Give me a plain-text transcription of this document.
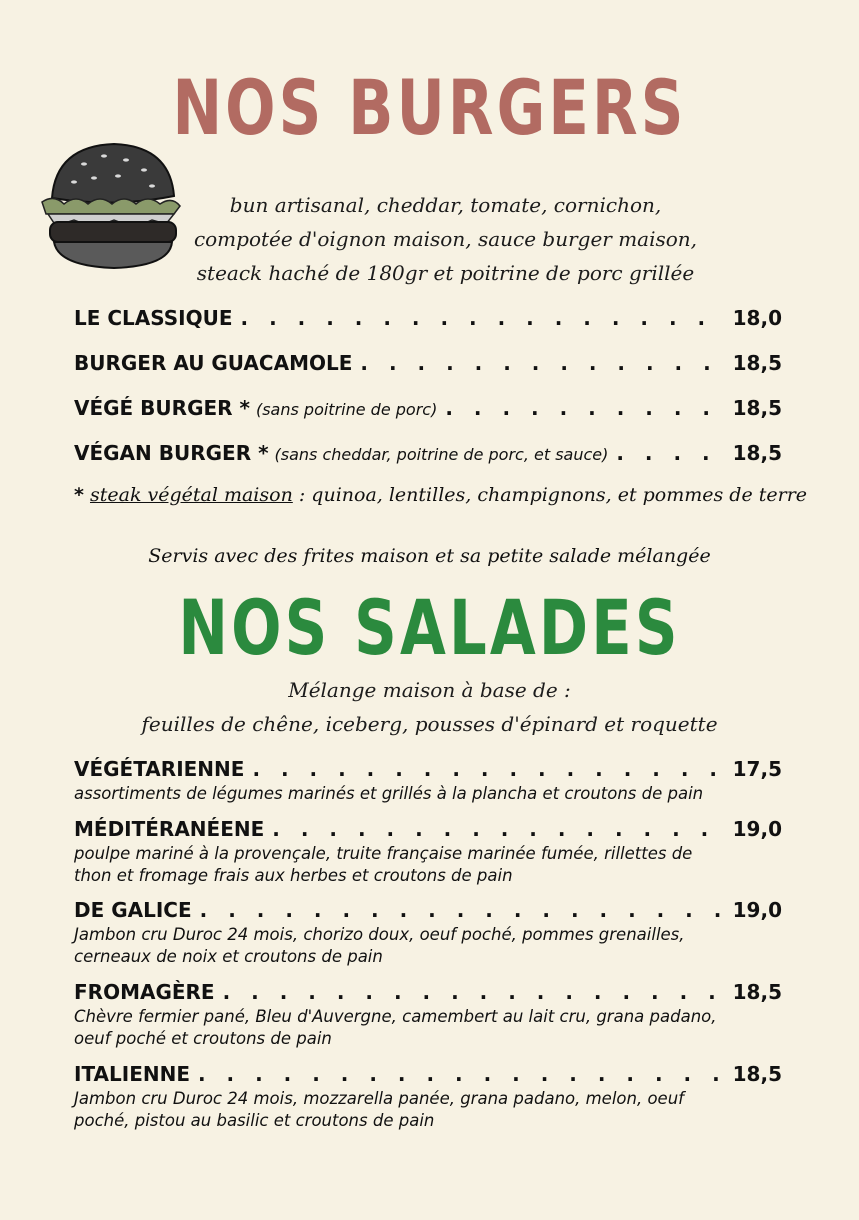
NOS BURGERS
bun artisanal, cheddar, tomate, cornichon,
compotée d'oignon maison, sauce burger maison,
steack haché de 180gr et poitrine de porc grillée
LE CLASSIQUE . . .	18,0
BURGER AU GUACAMOLE . . .	18,5
VÉGÉ BURGER * (sans poitrine de porc) . . .	18,5
VÉGAN BURGER * (sans cheddar, poitrine de porc, et sauce) . . .	18,5
* steak végétal maison : quinoa, lentilles, champignons, et pommes de terre
Servis avec des frites maison et sa petite salade mélangée
NOS SALADES
Mélange maison à base de :
feuilles de chêne, iceberg, pousses d'épinard et roquette
VÉGÉTARIENNE . . .	17,5
assortiments de légumes marinés et grillés à la plancha et croutons de pain
MÉDITÉRANÉENE . . .	19,0
poulpe mariné à la provençale, truite française marinée fumée, rillettes de
thon et fromage frais aux herbes et croutons de pain
DE GALICE . . .	19,0
Jambon cru Duroc 24 mois, chorizo doux, oeuf poché, pommes grenailles,
cerneaux de noix et croutons de pain
FROMAGÈRE . . .	18,5
Chèvre fermier pané, Bleu d'Auvergne, camembert au lait cru, grana padano,
oeuf poché et croutons de pain
ITALIENNE . . .	18,5
Jambon cru Duroc 24 mois, mozzarella panée, grana padano, melon, oeuf
poché, pistou au basilic et croutons de pain
